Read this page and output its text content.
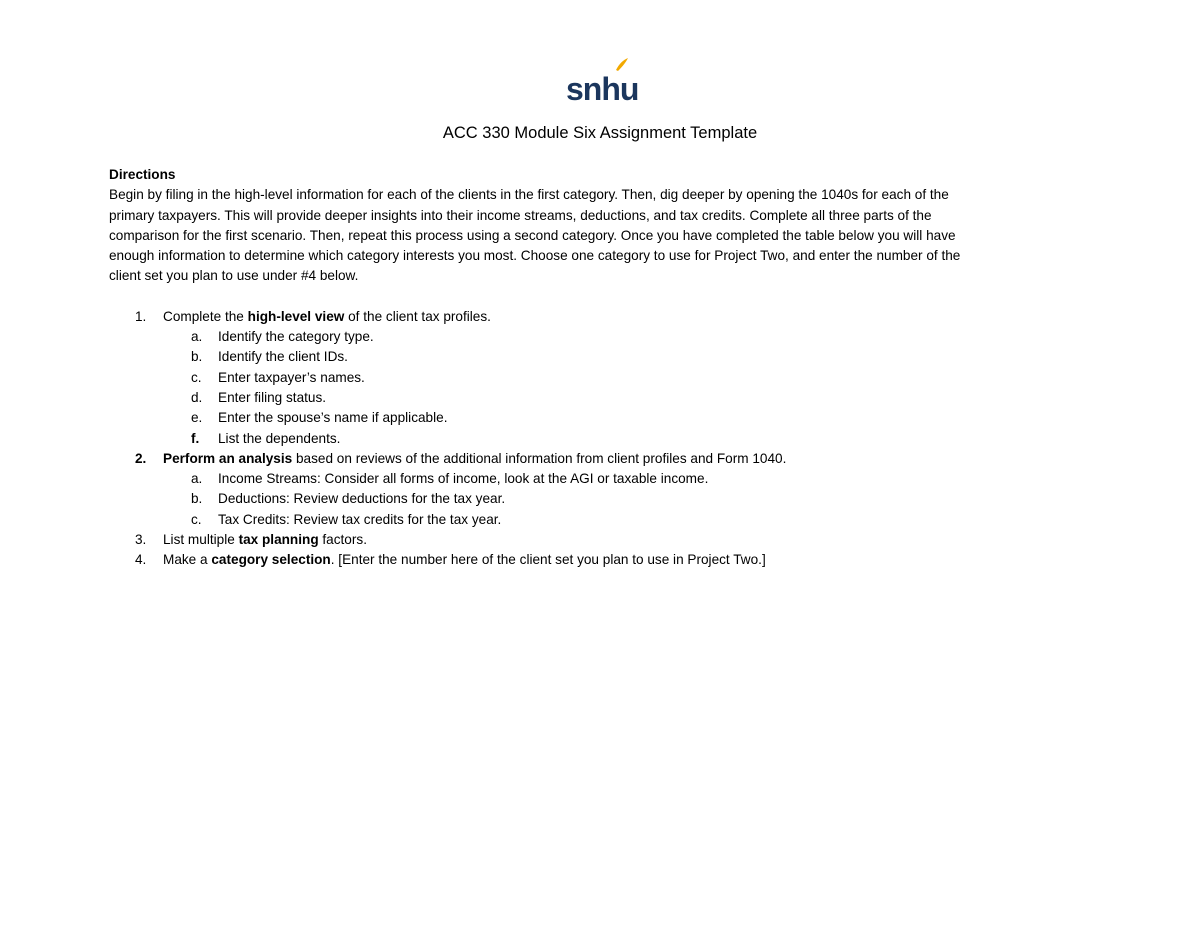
snhu
ACC 330 Module Six Assignment Template
Directions

Begin by filing in the high-level information for each of the clients in the first category. Then, dig deeper by opening the 1040s for each of the
primary taxpayers. This will provide deeper insights into their income streams, deductions, and tax credits. Complete all three parts of the
comparison for the first scenario. Then, repeat this process using a second category. Once you have completed the table below you will have
enough information to determine which category interests you most. Choose one category to use for Project Two, and enter the number of the
client set you plan to use under #4 below.

1.	Complete the high-level view of the client tax profiles.
a. Identify the category type.
b. Identify the client IDs.
c. Enter taxpayer’s names.
d. Enter filing status.
e. Enter the spouse’s name if applicable.
f. List the dependents.
2.	Perform an analysis based on reviews of the additional information from client profiles and Form 1040.
a. Income Streams: Consider all forms of income, look at the AGI or taxable income.
b. Deductions: Review deductions for the tax year.
c. Tax Credits: Review tax credits for the tax year.
3.	List multiple tax planning factors.
4.	Make a category selection. [Enter the number here of the client set you plan to use in Project Two.]
